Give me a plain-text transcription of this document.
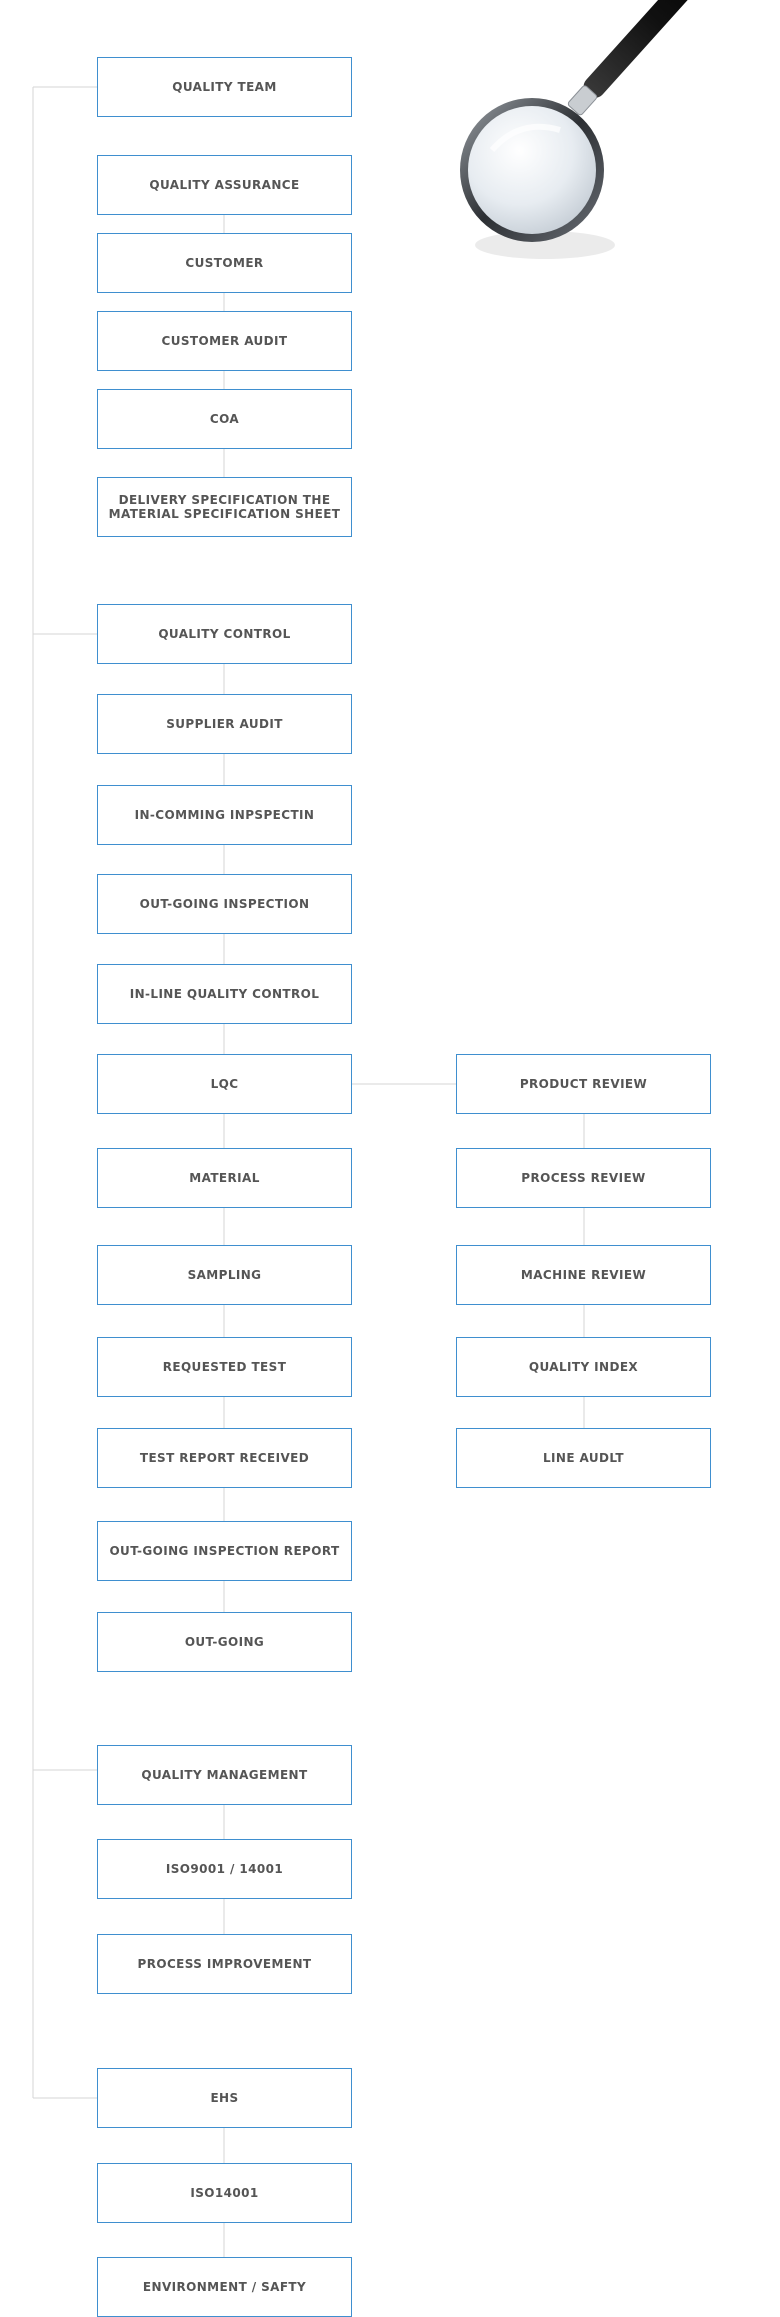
QUALITY TEAM
QUALITY ASSURANCE
CUSTOMER
CUSTOMER AUDIT
COA
DELIVERY SPECIFICATION THE MATERIAL SPECIFICATION SHEET
QUALITY CONTROL
SUPPLIER AUDIT
IN-COMMING INPSPECTIN
OUT-GOING INSPECTION
IN-LINE QUALITY CONTROL
LQC
MATERIAL
SAMPLING
REQUESTED TEST
TEST REPORT RECEIVED
OUT-GOING INSPECTION REPORT
OUT-GOING
QUALITY MANAGEMENT
ISO9001 / 14001
PROCESS IMPROVEMENT
EHS
ISO14001
ENVIRONMENT / SAFTY
PRODUCT REVIEW
PROCESS REVIEW
MACHINE REVIEW
QUALITY INDEX
LINE AUDLT
